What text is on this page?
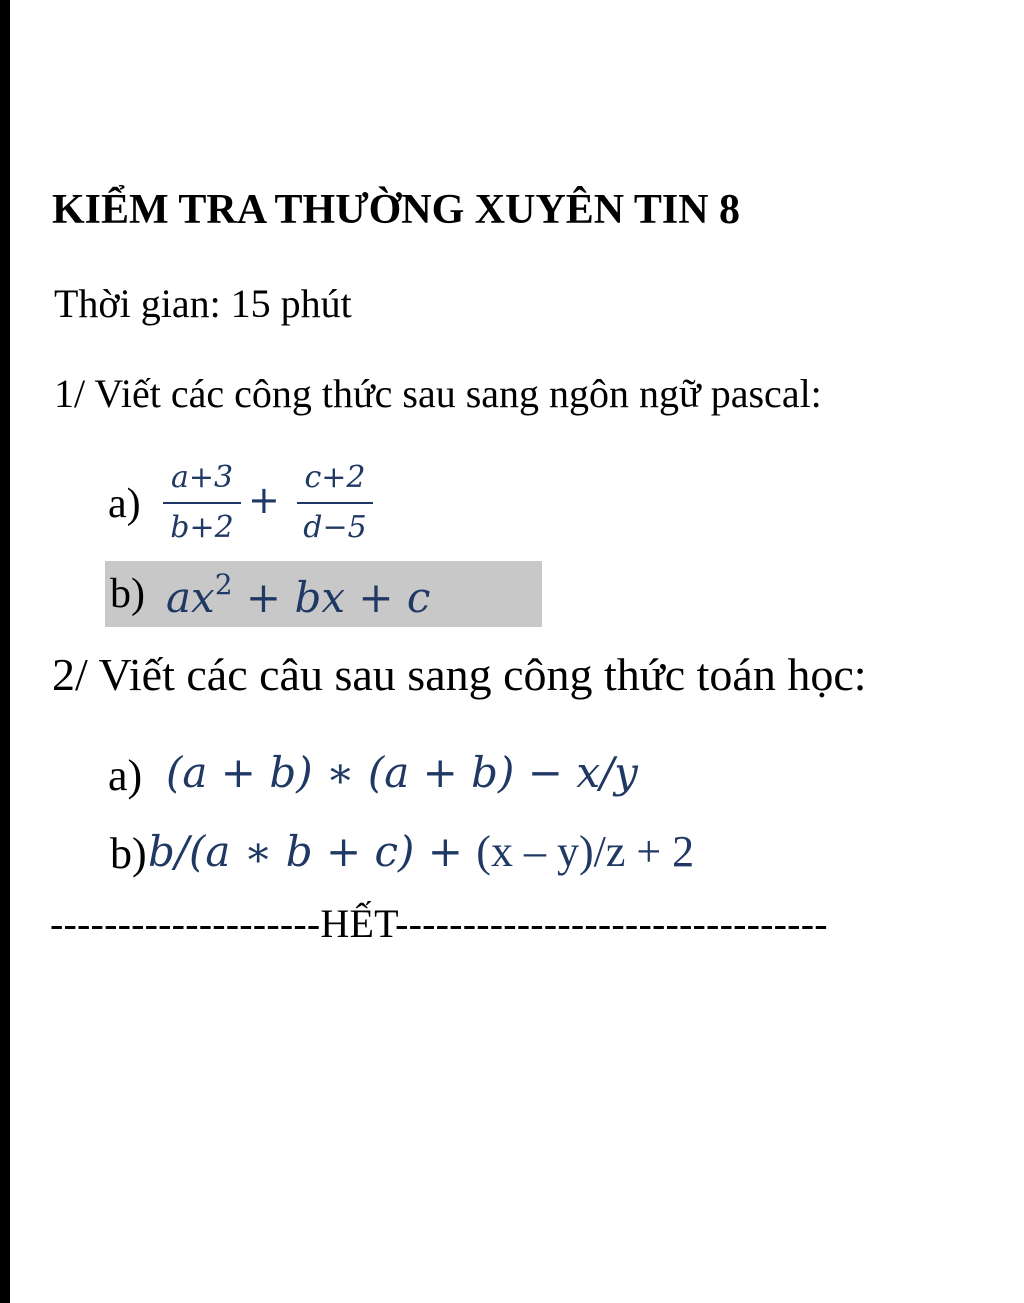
KIỂM TRA THƯỜNG XUYÊN TIN 8
Thời gian: 15 phút
1/ Viết các công thức sau sang ngôn ngữ pascal:
a)
a+3
b+2
+
c+2
d−5
b) $ax^2$ + bx + c
2/ Viết các câu sau sang công thức toán học:
a) (a + b) ∗ (a + b) − x/y
b) b/(a ∗ b + c) + (x – y)/z + 2
--------------------HẾT--------------------------------
